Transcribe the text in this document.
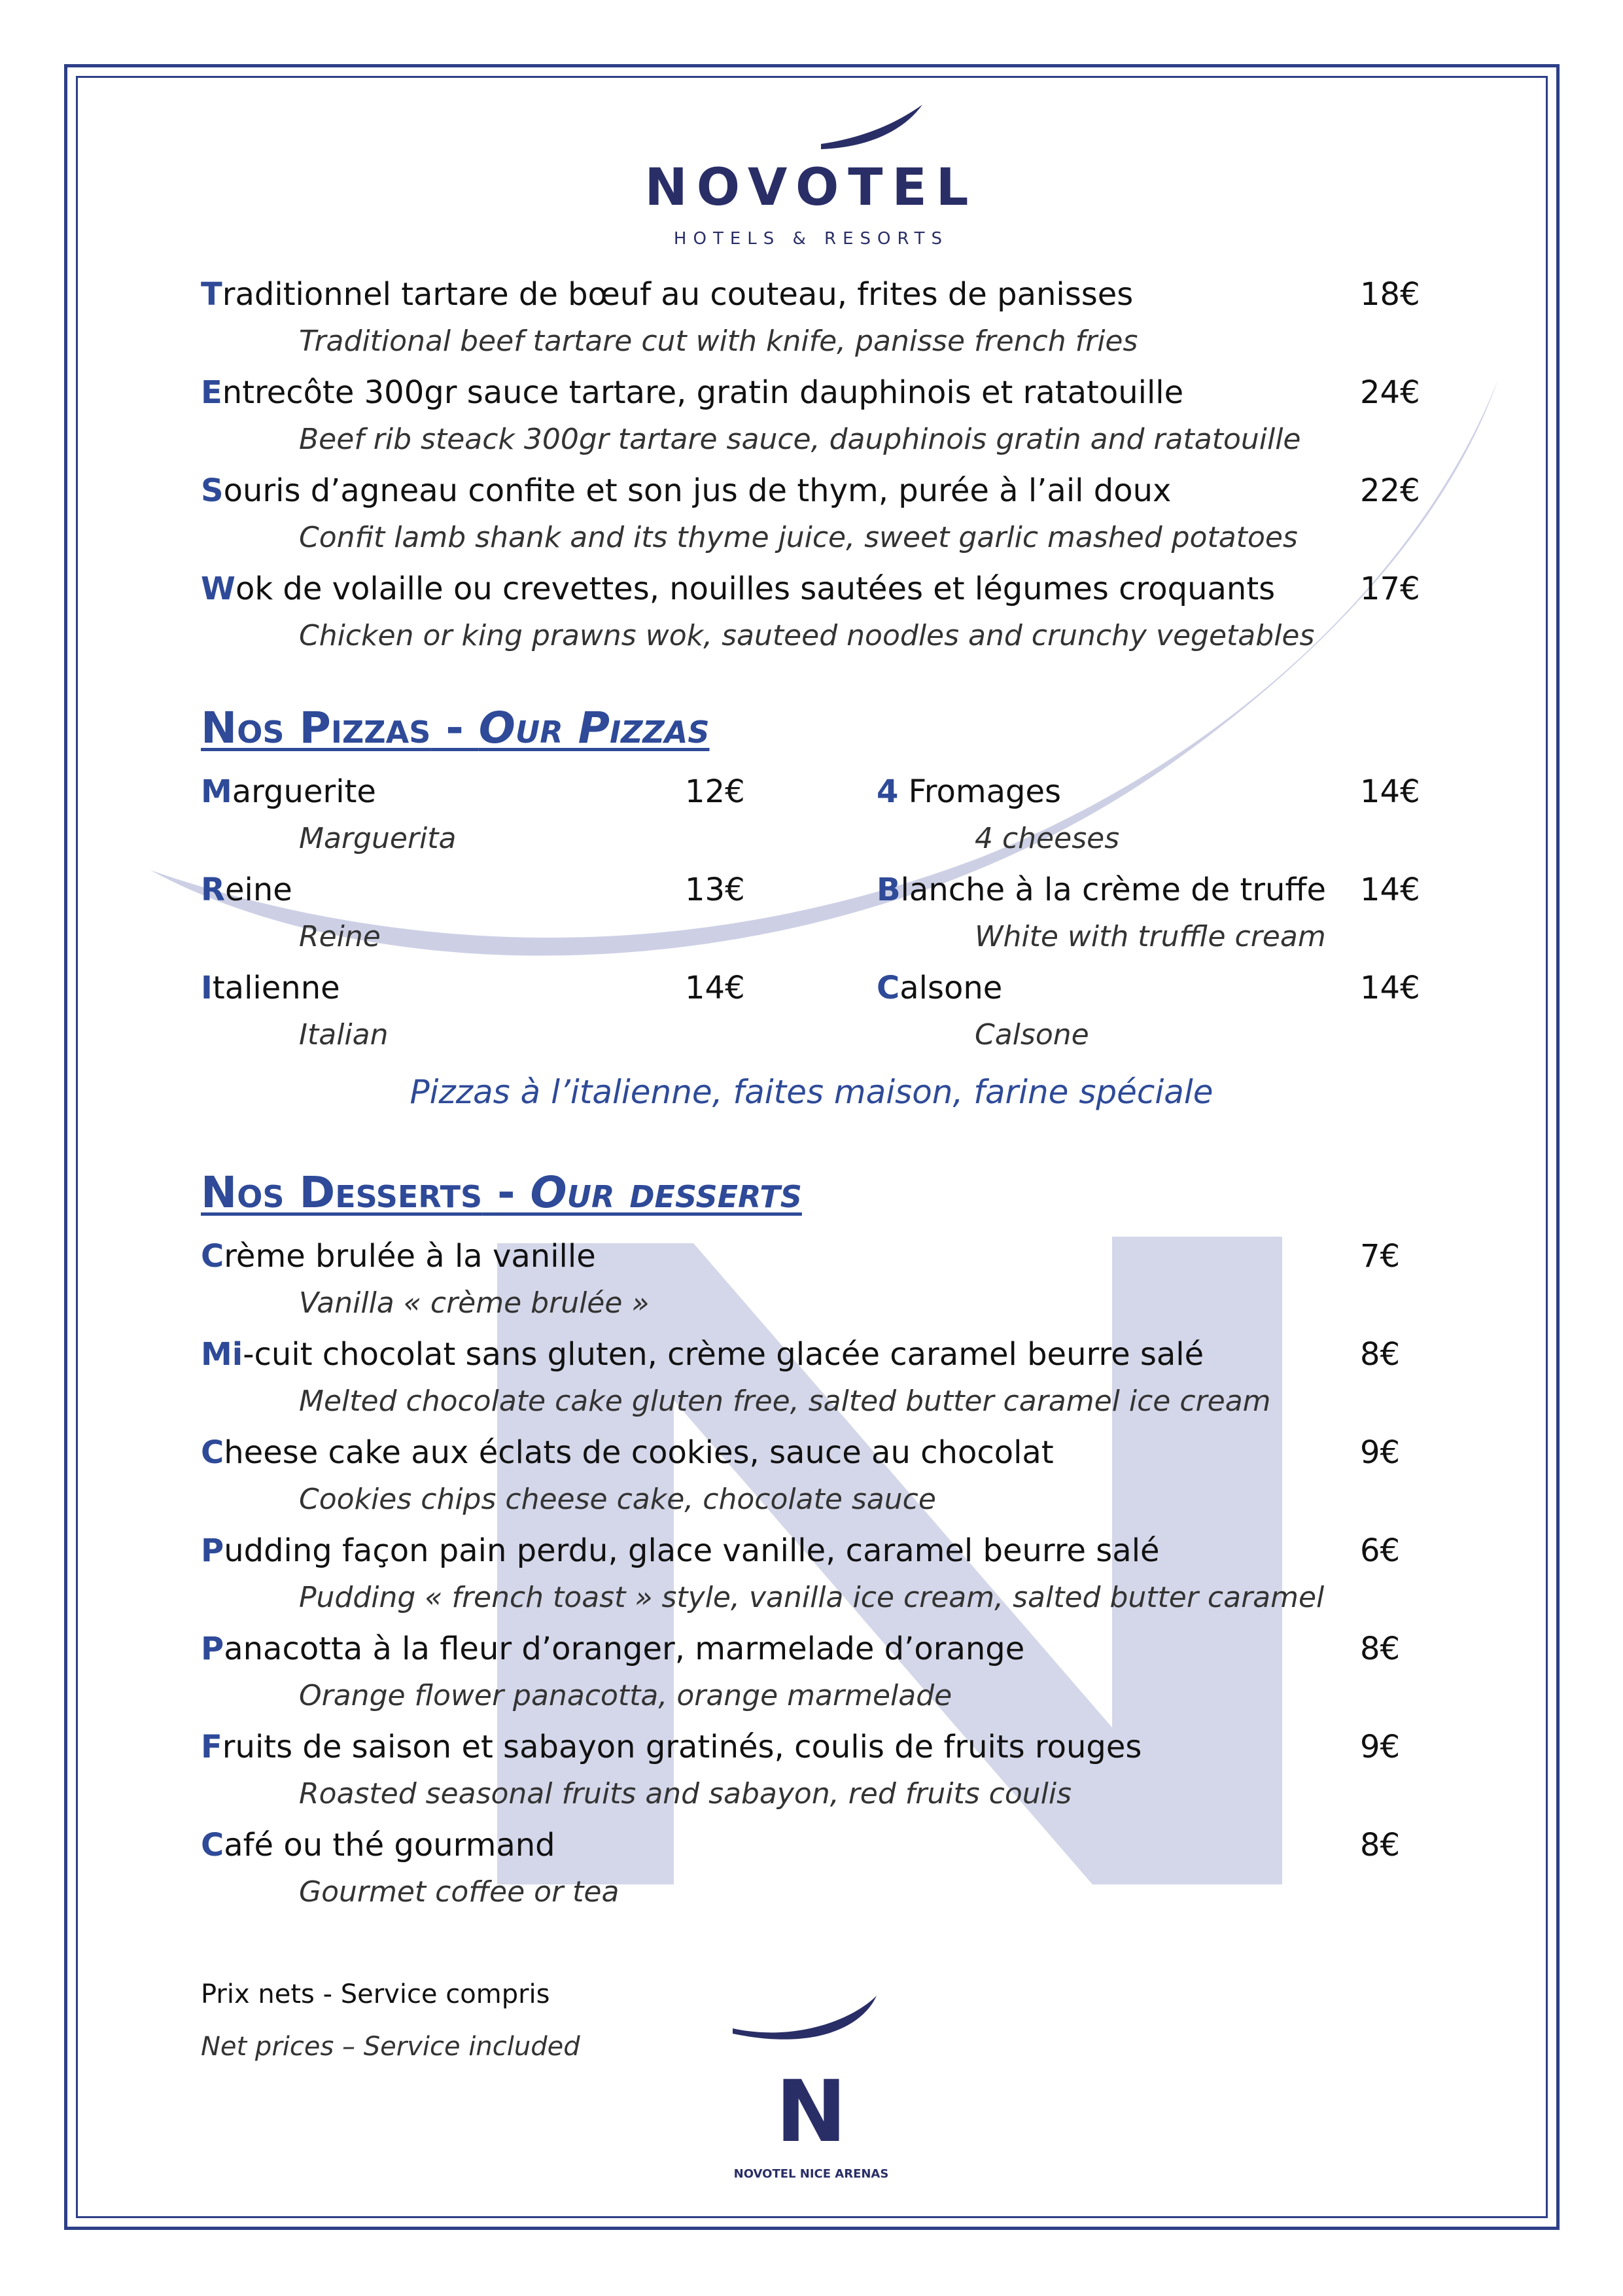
NOVOTEL
HOTELS & RESORTS
Traditionnel tartare de bœuf au couteau, frites de panisses	18€
Traditional beef tartare cut with knife, panisse french fries
Entrecôte 300gr sauce tartare, gratin dauphinois et ratatouille	24€
Beef rib steack 300gr tartare sauce, dauphinois gratin and ratatouille
Souris d’agneau confite et son jus de thym, purée à l’ail doux	22€
Confit lamb shank and its thyme juice, sweet garlic mashed potatoes
Wok de volaille ou crevettes, nouilles sautées et légumes croquants	17€
Chicken or king prawns wok, sauteed noodles and crunchy vegetables
Nos Pizzas - Our Pizzas
Marguerite	12€
Marguerita
Reine	13€
Reine
Italienne	14€
Italian
4 Fromages	14€
4 cheeses
Blanche à la crème de truffe	14€
White with truffle cream
Calsone	14€
Calsone
Pizzas à l’italienne, faites maison, farine spéciale
Nos Desserts - Our desserts
Crème brulée à la vanille	7€
Vanilla « crème brulée »
Mi-cuit chocolat sans gluten, crème glacée caramel beurre salé	8€
Melted chocolate cake gluten free, salted butter caramel ice cream
Cheese cake aux éclats de cookies, sauce au chocolat	9€
Cookies chips cheese cake, chocolate sauce
Pudding façon pain perdu, glace vanille, caramel beurre salé	6€
Pudding « french toast » style, vanilla ice cream, salted butter caramel
Panacotta à la fleur d’oranger, marmelade d’orange	8€
Orange flower panacotta, orange marmelade
Fruits de saison et sabayon gratinés, coulis de fruits rouges	9€
Roasted seasonal fruits and sabayon, red fruits coulis
Café ou thé gourmand	8€
Gourmet coffee or tea
Prix nets - Service compris
Net prices – Service included
N
NOVOTEL NICE ARENAS
